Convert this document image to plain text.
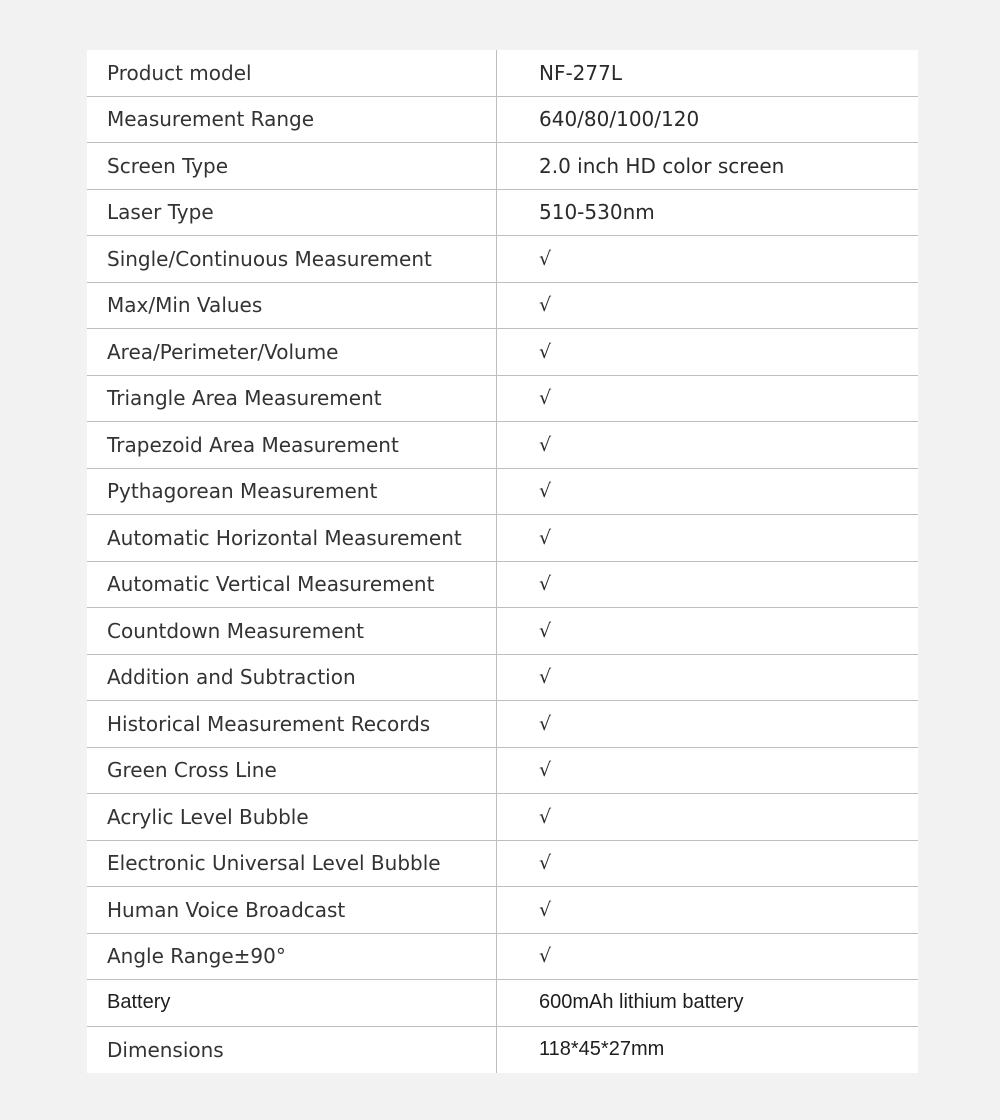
Product model	NF-277L
Measurement Range	640/80/100/120
Screen Type	2.0 inch HD color screen
Laser Type	510-530nm
Single/Continuous Measurement	√
Max/Min Values	√
Area/Perimeter/Volume	√
Triangle Area Measurement	√
Trapezoid Area Measurement	√
Pythagorean Measurement	√
Automatic Horizontal Measurement	√
Automatic Vertical Measurement	√
Countdown Measurement	√
Addition and Subtraction	√
Historical Measurement Records	√
Green Cross Line	√
Acrylic Level Bubble	√
Electronic Universal Level Bubble	√
Human Voice Broadcast	√
Angle Range±90°	√
Battery	600mAh lithium battery
Dimensions	118*45*27mm
